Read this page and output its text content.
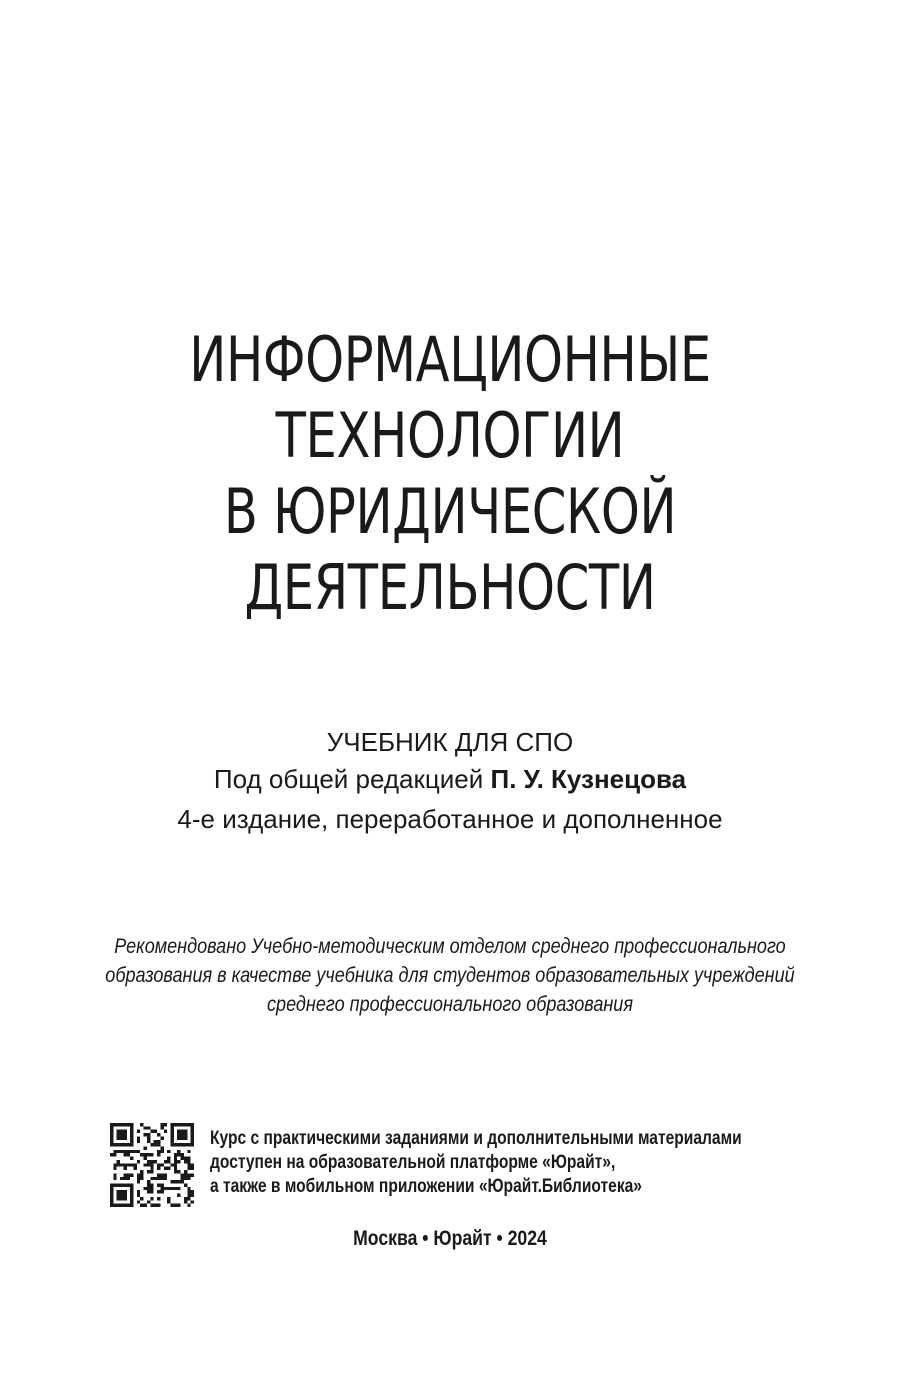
ИНФОРМАЦИОННЫЕ
ТЕХНОЛОГИИ
В ЮРИДИЧЕСКОЙ
ДЕЯТЕЛЬНОСТИ
УЧЕБНИК ДЛЯ СПО
Под общей редакцией П. У. Кузнецова
4-е издание, переработанное и дополненное
Рекомендовано Учебно-методическим отделом среднего профессионального
образования в качестве учебника для студентов образовательных учреждений
среднего профессионального образования
Курс с практическими заданиями и дополнительными материалами
доступен на образовательной платформе «Юрайт»,
а также в мобильном приложении «Юрайт.Библиотека»
Москва • Юрайт • 2024
